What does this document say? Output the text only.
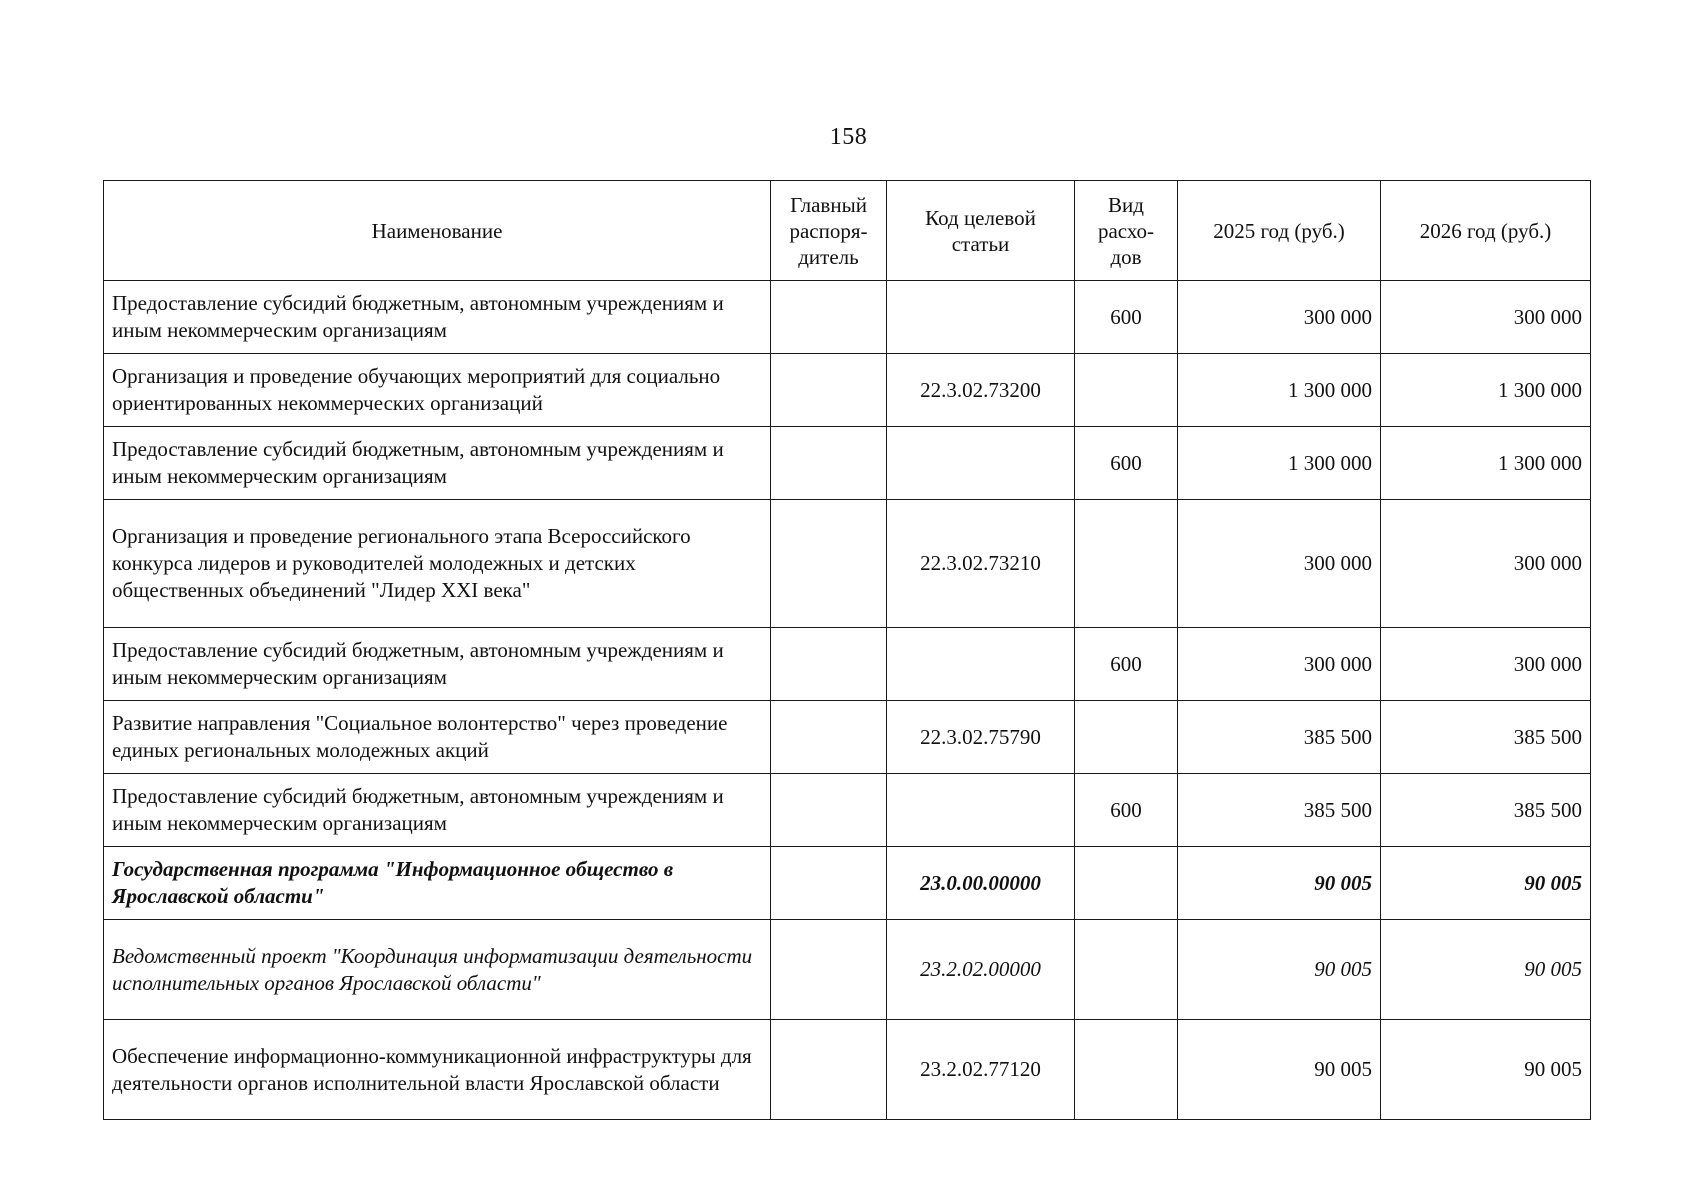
158
Наименование	Главный распоря-дитель	Код целевой статьи	Вид расхо-дов	2025 год (руб.)	2026 год (руб.)
Предоставление субсидий бюджетным, автономным учреждениям и иным некоммерческим организациям			600	300 000	300 000
Организация и проведение обучающих мероприятий для социально ориентированных некоммерческих организаций		22.3.02.73200		1 300 000	1 300 000
Предоставление субсидий бюджетным, автономным учреждениям и иным некоммерческим организациям			600	1 300 000	1 300 000
Организация и проведение регионального этапа Всероссийского конкурса лидеров и руководителей молодежных и детских общественных объединений "Лидер XXI века"		22.3.02.73210		300 000	300 000
Предоставление субсидий бюджетным, автономным учреждениям и иным некоммерческим организациям			600	300 000	300 000
Развитие направления "Социальное волонтерство" через проведение единых региональных молодежных акций		22.3.02.75790		385 500	385 500
Предоставление субсидий бюджетным, автономным учреждениям и иным некоммерческим организациям			600	385 500	385 500
Государственная программа "Информационное общество в Ярославской области"		23.0.00.00000		90 005	90 005
Ведомственный проект "Координация информатизации деятельности исполнительных органов Ярославской области"		23.2.02.00000		90 005	90 005
Обеспечение информационно-коммуникационной инфраструктуры для деятельности органов исполнительной власти Ярославской области		23.2.02.77120		90 005	90 005
